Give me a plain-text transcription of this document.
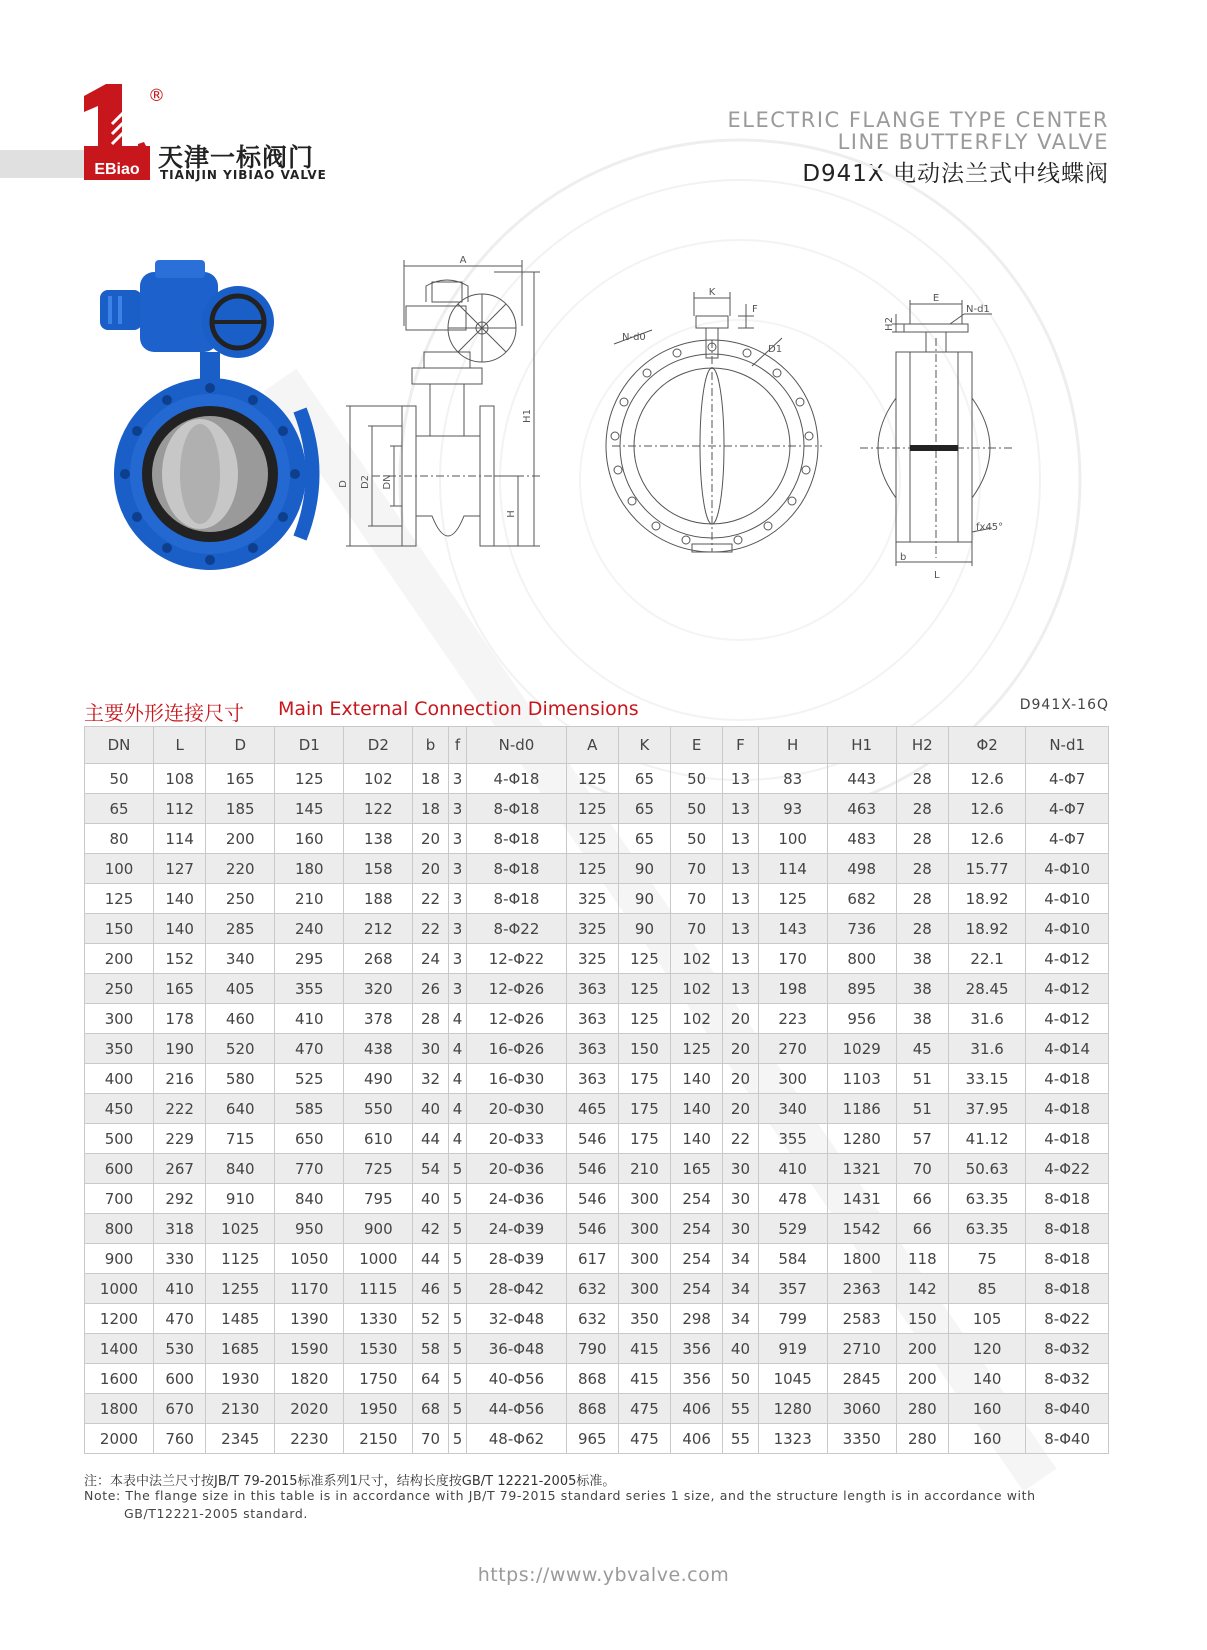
EBiao
®
天津一标阀门
TIANJIN YIBIAO VALVE
ELECTRIC FLANGE TYPE CENTER
LINE BUTTERFLY VALVE
D941X 电动法兰式中线蝶阀
A
H1
H
D D2 DN
K
F
N-d0
D1
E
H2
N-d1
b
L
fx45°
主要外形连接尺寸 Main External Connection Dimensions	D941X-16Q
DN	L	D	D1	D2	b	f	N-d0	A	K	E	F	H	H1	H2	Φ2	N-d1
50	108	165	125	102	18	3	4-Φ18	125	65	50	13	83	443	28	12.6	4-Φ7
65	112	185	145	122	18	3	8-Φ18	125	65	50	13	93	463	28	12.6	4-Φ7
80	114	200	160	138	20	3	8-Φ18	125	65	50	13	100	483	28	12.6	4-Φ7
100	127	220	180	158	20	3	8-Φ18	125	90	70	13	114	498	28	15.77	4-Φ10
125	140	250	210	188	22	3	8-Φ18	325	90	70	13	125	682	28	18.92	4-Φ10
150	140	285	240	212	22	3	8-Φ22	325	90	70	13	143	736	28	18.92	4-Φ10
200	152	340	295	268	24	3	12-Φ22	325	125	102	13	170	800	38	22.1	4-Φ12
250	165	405	355	320	26	3	12-Φ26	363	125	102	13	198	895	38	28.45	4-Φ12
300	178	460	410	378	28	4	12-Φ26	363	125	102	20	223	956	38	31.6	4-Φ12
350	190	520	470	438	30	4	16-Φ26	363	150	125	20	270	1029	45	31.6	4-Φ14
400	216	580	525	490	32	4	16-Φ30	363	175	140	20	300	1103	51	33.15	4-Φ18
450	222	640	585	550	40	4	20-Φ30	465	175	140	20	340	1186	51	37.95	4-Φ18
500	229	715	650	610	44	4	20-Φ33	546	175	140	22	355	1280	57	41.12	4-Φ18
600	267	840	770	725	54	5	20-Φ36	546	210	165	30	410	1321	70	50.63	4-Φ22
700	292	910	840	795	40	5	24-Φ36	546	300	254	30	478	1431	66	63.35	8-Φ18
800	318	1025	950	900	42	5	24-Φ39	546	300	254	30	529	1542	66	63.35	8-Φ18
900	330	1125	1050	1000	44	5	28-Φ39	617	300	254	34	584	1800	118	75	8-Φ18
1000	410	1255	1170	1115	46	5	28-Φ42	632	300	254	34	357	2363	142	85	8-Φ18
1200	470	1485	1390	1330	52	5	32-Φ48	632	350	298	34	799	2583	150	105	8-Φ22
1400	530	1685	1590	1530	58	5	36-Φ48	790	415	356	40	919	2710	200	120	8-Φ32
1600	600	1930	1820	1750	64	5	40-Φ56	868	415	356	50	1045	2845	200	140	8-Φ32
1800	670	2130	2020	1950	68	5	44-Φ56	868	475	406	55	1280	3060	280	160	8-Φ40
2000	760	2345	2230	2150	70	5	48-Φ62	965	475	406	55	1323	3350	280	160	8-Φ40
注：本表中法兰尺寸按JB/T 79-2015标准系列1尺寸，结构长度按GB/T 12221-2005标准。
Note: The flange size in this table is in accordance with JB/T 79-2015 standard series 1 size, and the structure length is in accordance with
GB/T12221-2005 standard.
https://www.ybvalve.com
